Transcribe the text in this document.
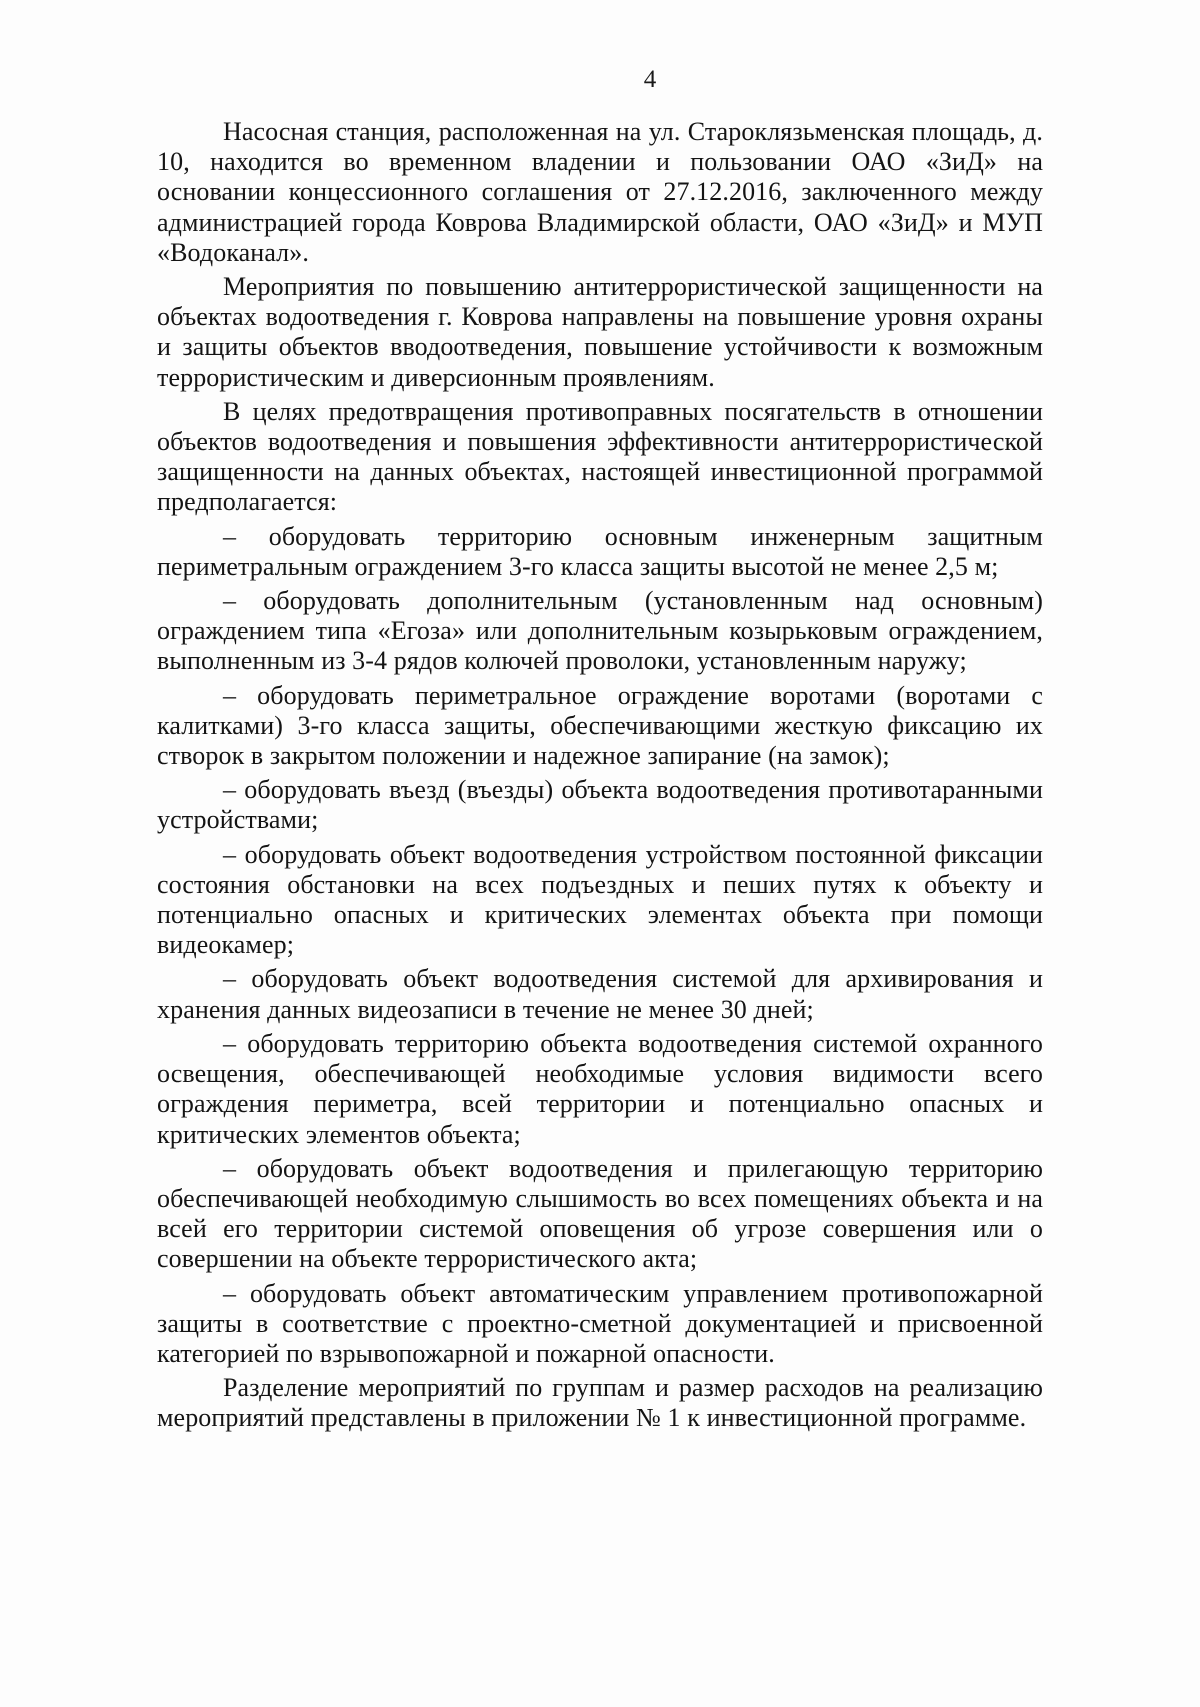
4

Насосная станция, расположенная на ул. Староклязьменская площадь, д. 10, находится во временном владении и пользовании ОАО «ЗиД» на основании концессионного соглашения от 27.12.2016, заключенного между администрацией города Коврова Владимирской области, ОАО «ЗиД» и МУП «Водоканал».

Мероприятия по повышению антитеррористической защищенности на объектах водоотведения г. Коврова направлены на повышение уровня охраны и защиты объектов вводоотведения, повышение устойчивости к возможным террористическим и диверсионным проявлениям.

В целях предотвращения противоправных посягательств в отношении объектов водоотведения и повышения эффективности антитеррористической защищенности на данных объектах, настоящей инвестиционной программой предполагается:

– оборудовать территорию основным инженерным защитным периметральным ограждением 3-го класса защиты высотой не менее 2,5 м;

– оборудовать дополнительным (установленным над основным) ограждением типа «Егоза» или дополнительным козырьковым ограждением, выполненным из 3-4 рядов колючей проволоки, установленным наружу;

– оборудовать периметральное ограждение воротами (воротами с калитками) 3-го класса защиты, обеспечивающими жесткую фиксацию их створок в закрытом положении и надежное запирание (на замок);

– оборудовать въезд (въезды) объекта водоотведения противотаранными устройствами;

– оборудовать объект водоотведения устройством постоянной фиксации состояния обстановки на всех подъездных и пеших путях к объекту и потенциально опасных и критических элементах объекта при помощи видеокамер;

– оборудовать объект водоотведения системой для архивирования и хранения данных видеозаписи в течение не менее 30 дней;

– оборудовать территорию объекта водоотведения системой охранного освещения, обеспечивающей необходимые условия видимости всего ограждения периметра, всей территории и потенциально опасных и критических элементов объекта;

– оборудовать объект водоотведения и прилегающую территорию обеспечивающей необходимую слышимость во всех помещениях объекта и на всей его территории системой оповещения об угрозе совершения или о совершении на объекте террористического акта;

– оборудовать объект автоматическим управлением противопожарной защиты в соответствие с проектно-сметной документацией и присвоенной категорией по взрывопожарной и пожарной опасности.

Разделение мероприятий по группам и размер расходов на реализацию мероприятий представлены в приложении № 1 к инвестиционной программе.
